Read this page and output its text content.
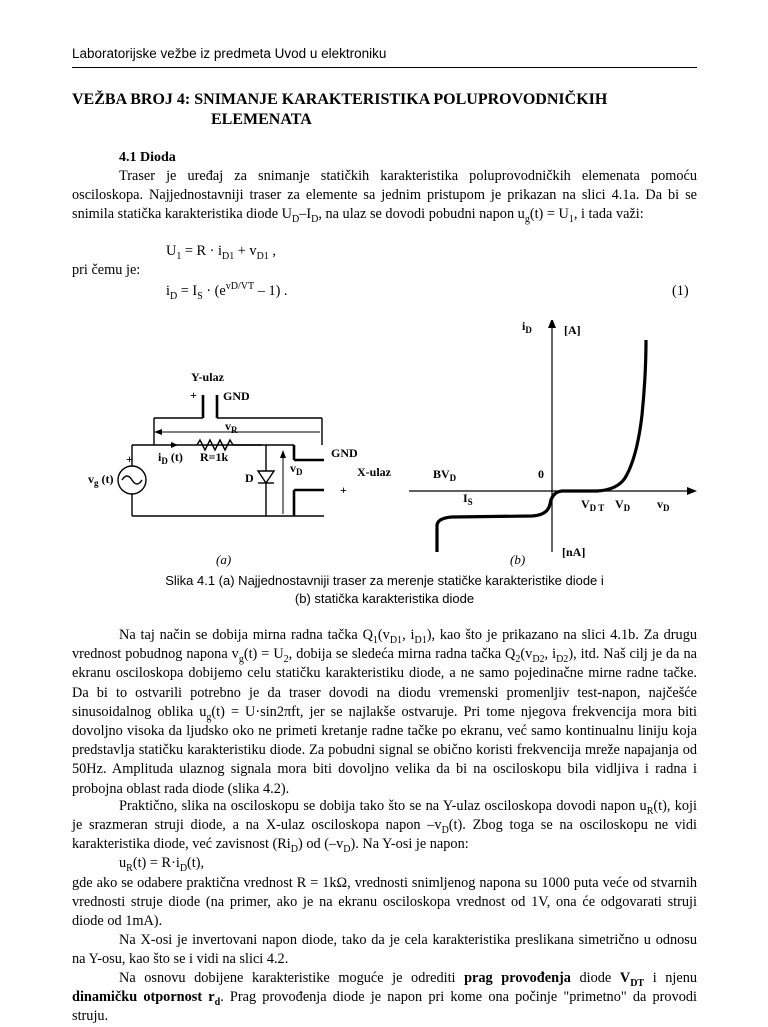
Laboratorijske vežbe iz predmeta Uvod u elektroniku
VEŽBA BROJ 4: SNIMANJE KARAKTERISTIKA POLUPROVODNIČKIH
ELEMENATA
4.1 Dioda
Traser je uređaj za snimanje statičkih karakteristika poluprovodničkih elemenata pomoću osciloskopa. Najjednostavniji traser za elemente sa jednim pristupom je prikazan na slici 4.1a. Da bi se snimila statička karakteristika diode $U_D-I_D$, na ulaz se dovodi pobudni napon $u_g(t) = U_1$, i tada važi:
$U_1 = R \cdot i_{D1} + v_{D1}$ ,
pri čemu je:
$i_D = I_S \cdot (e^{vD/VT} - 1)$ .	(1)
Y-ulaz
+ GND
$v_R$
$i_D$ (t) R=1k	GND
X-ulaz
+
+
$v_g$ (t)	D
$v_D$
(a)
$i_D$	[A]
[nA]
$BV_D$	0
$I_S$	$V_{D T}$ $V_D$ $v_D$
(b)
Slika 4.1 (a) Najjednostavniji traser za merenje statičke karakteristike diode i
(b) statička karakteristika diode
Na taj način se dobija mirna radna tačka $Q_1(v_{D1}$, $i_{D1}$), kao što je prikazano na slici 4.1b. Za drugu vrednost pobudnog napona $v_g(t) = U_2$, dobija se sledeća mirna radna tačka $Q_2(v_{D2}$, $i_{D2}$), itd. Naš cilj je da na ekranu osciloskopa dobijemo celu statičku karakteristiku diode, a ne samo pojedinačne mirne radne tačke. Da bi to ostvarili potrebno je da traser dovodi na diodu vremenski promenljiv test-napon, najčešće sinusoidalnog oblika $u_g(t) = U\cdot\sin 2\pi ft$, jer se najlakše ostvaruje. Pri tome njegova frekvencija mora biti dovoljno visoka da ljudsko oko ne primeti kretanje radne tačke po ekranu, već samo kontinualnu liniju koja predstavlja statičku karakteristiku diode. Za pobudni signal se obično koristi frekvencija mreže napajanja od 50Hz. Amplituda ulaznog signala mora biti dovoljno velika da bi na osciloskopu bila vidljiva i radna i probojna oblast rada diode (slika 4.2).
Praktično, slika na osciloskopu se dobija tako što se na Y-ulaz osciloskopa dovodi napon $u_R(t)$, koji je srazmeran struji diode, a na X-ulaz osciloskopa napon $-v_D(t)$. Zbog toga se na osciloskopu ne vidi karakteristika diode, već zavisnost $(Ri_D)$ od $(-v_D)$. Na Y-osi je napon:
$u_R(t) = R\cdot i_D(t)$,
gde ako se odabere praktična vrednost R = 1kΩ, vrednosti snimljenog napona su 1000 puta veće od stvarnih vrednosti struje diode (na primer, ako je na ekranu osciloskopa vrednost od 1V, ona će odgovarati struji diode od 1mA).
Na X-osi je invertovani napon diode, tako da je cela karakteristika preslikana simetrično u odnosu na Y-osu, kao što se i vidi na slici 4.2.
Na osnovu dobijene karakteristike moguće je odrediti prag provođenja diode $V_{DT}$ i njenu dinamičku otpornost $r_d$. Prag provođenja diode je napon pri kome ona počinje "primetno" da provodi struju.
